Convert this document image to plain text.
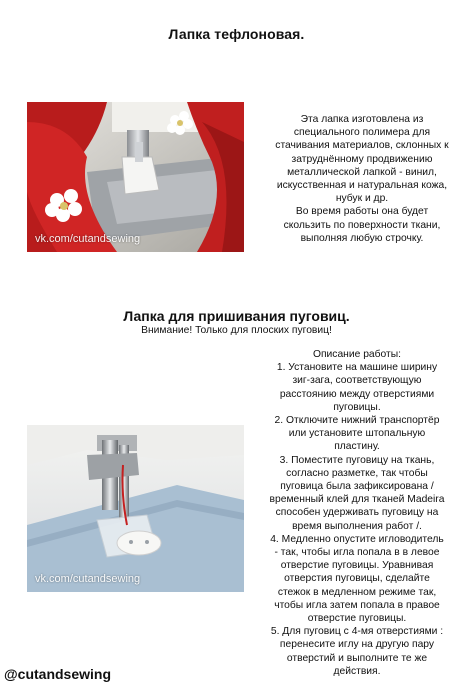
Лапка тефлоновая.
vk.com/cutandsewing
Эта лапка изготовлена из
специального полимера для
стачивания материалов, склонных к
затруднённому продвижению
металлической лапкой - винил,
искусственная и натуральная кожа,
нубук и др.
Во время работы она будет
скользить по поверхности ткани,
выполняя любую строчку.
Лапка для пришивания пуговиц.
Внимание! Только для плоских пуговиц!
vk.com/cutandsewing

Описание работы:

1. Установите на машине ширину

зиг-зага, соответствующую

расстоянию между отверстиями

пуговицы.

2. Отключите нижний транспортёр

или установите штопальную

пластину.

3. Поместите пуговицу на ткань,

согласно разметке, так чтобы

пуговица была зафиксирована /

временный клей для тканей Madeira

способен удерживать пуговицу на

время выполнения работ /.

4. Медленно опустите игловодитель

- так, чтобы игла попала в в левое

отверстие пуговицы. Уравнивая

отверстия пуговицы, сделайте

стежок в медленном режиме так,

чтобы игла затем попала в правое

отверстие пуговицы.

5. Для пуговиц с 4-мя отверстиями :

перенесите иглу на другую пару

отверстий и выполните те же

действия.

@cutandsewing
